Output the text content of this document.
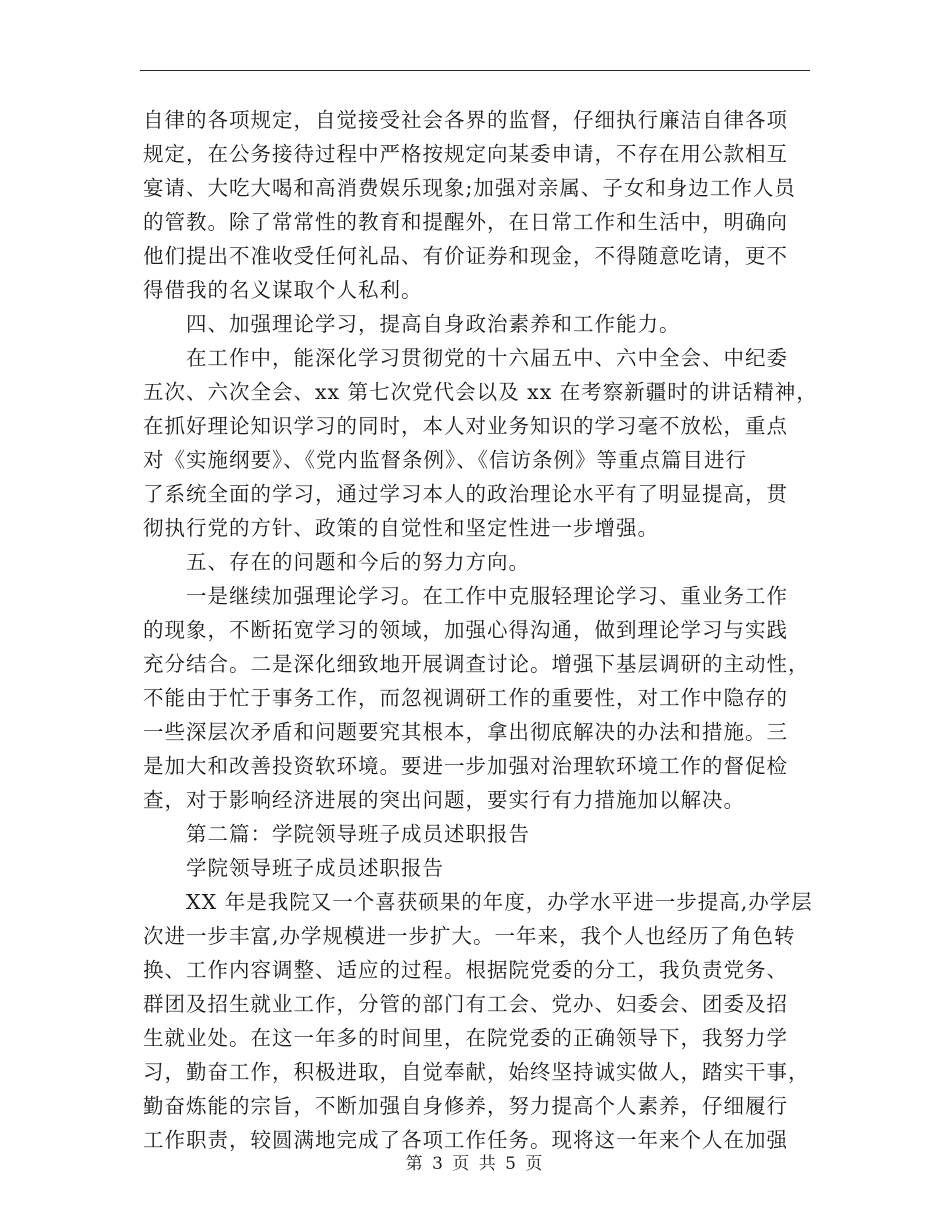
自律的各项规定，自觉接受社会各界的监督，仔细执行廉洁自律各项
规定，在公务接待过程中严格按规定向某委申请，不存在用公款相互
宴请、大吃大喝和高消费娱乐现象;加强对亲属、子女和身边工作人员
的管教。除了常常性的教育和提醒外，在日常工作和生活中，明确向
他们提出不准收受任何礼品、有价证券和现金，不得随意吃请，更不
得借我的名义谋取个人私利。
四、加强理论学习，提高自身政治素养和工作能力。
在工作中，能深化学习贯彻党的十六届五中、六中全会、中纪委
五次、六次全会、xx 第七次党代会以及 xx 在考察新疆时的讲话精神，
在抓好理论知识学习的同时，本人对业务知识的学习毫不放松，重点
对《实施纲要》、《党内监督条例》、《信访条例》等重点篇目进行
了系统全面的学习，通过学习本人的政治理论水平有了明显提高，贯
彻执行党的方针、政策的自觉性和坚定性进一步增强。
五、存在的问题和今后的努力方向。
一是继续加强理论学习。在工作中克服轻理论学习、重业务工作
的现象，不断拓宽学习的领域，加强心得沟通，做到理论学习与实践
充分结合。二是深化细致地开展调查讨论。增强下基层调研的主动性，
不能由于忙于事务工作，而忽视调研工作的重要性，对工作中隐存的
一些深层次矛盾和问题要究其根本，拿出彻底解决的办法和措施。三
是加大和改善投资软环境。要进一步加强对治理软环境工作的督促检
查，对于影响经济进展的突出问题，要实行有力措施加以解决。
第二篇：学院领导班子成员述职报告
学院领导班子成员述职报告
XX 年是我院又一个喜获硕果的年度，办学水平进一步提高,办学层
次进一步丰富,办学规模进一步扩大。一年来，我个人也经历了角色转
换、工作内容调整、适应的过程。根据院党委的分工，我负责党务、
群团及招生就业工作，分管的部门有工会、党办、妇委会、团委及招
生就业处。在这一年多的时间里，在院党委的正确领导下，我努力学
习，勤奋工作，积极进取，自觉奉献，始终坚持诚实做人，踏实干事，
勤奋炼能的宗旨，不断加强自身修养，努力提高个人素养，仔细履行
工作职责，较圆满地完成了各项工作任务。现将这一年来个人在加强
第 3 页 共 5 页
